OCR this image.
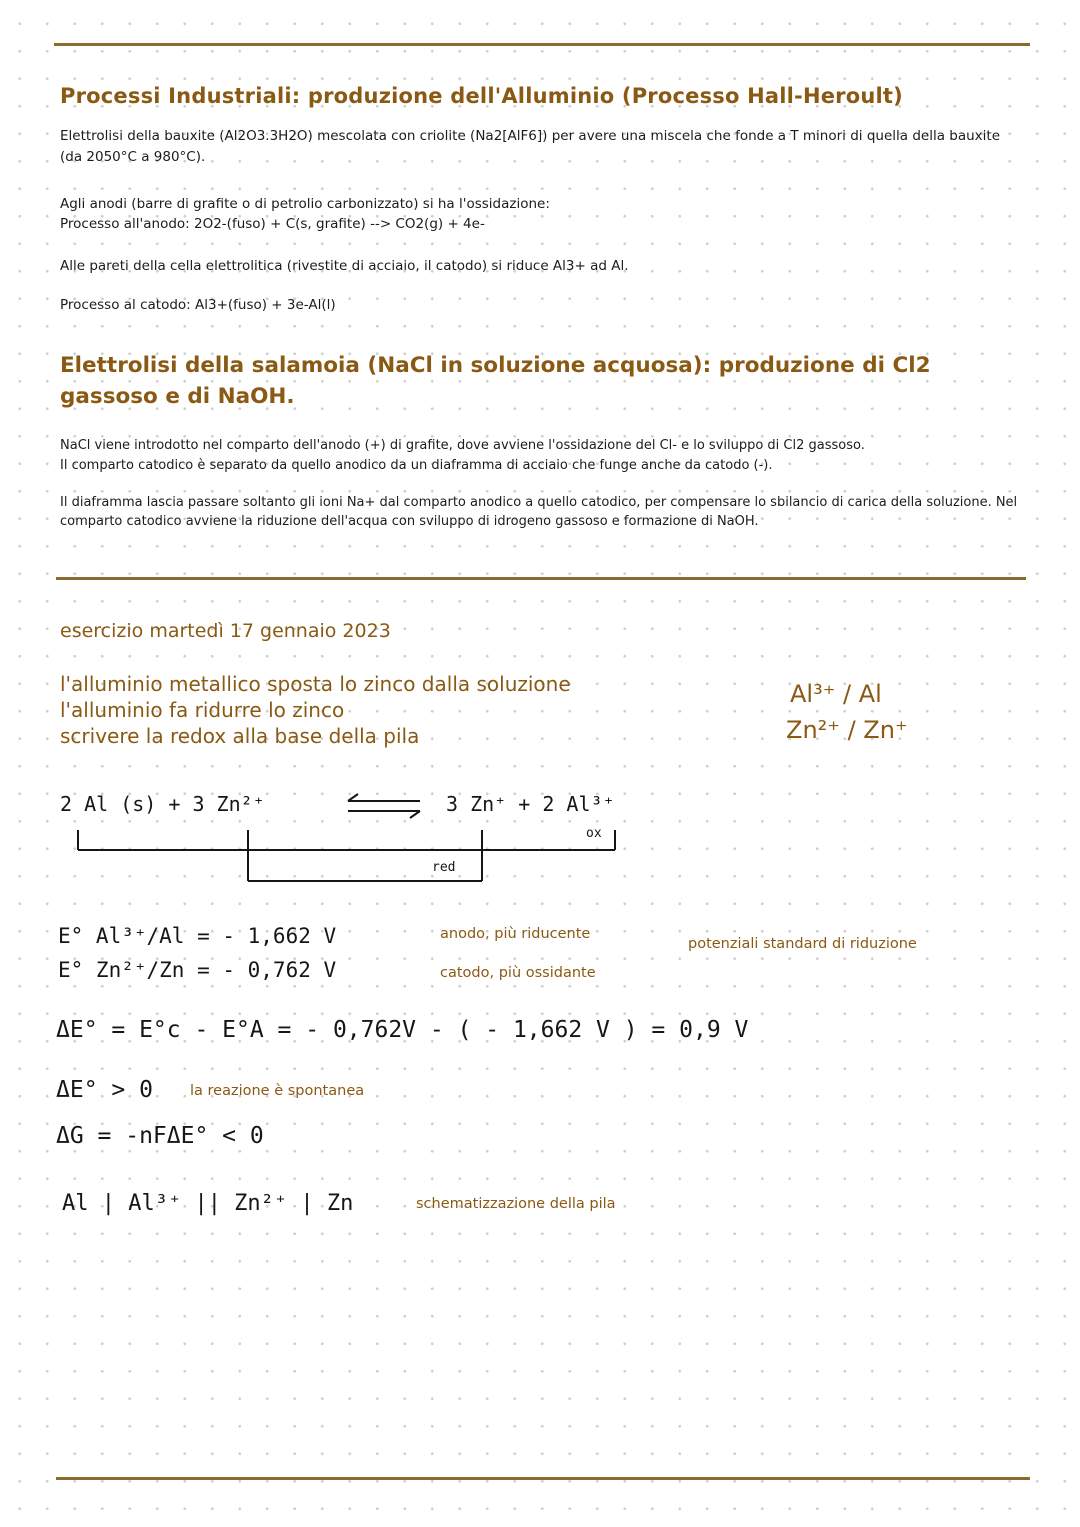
Processi Industriali: produzione dell'Alluminio (Processo Hall-Heroult)
Elettrolisi della bauxite (Al2O3.3H2O) mescolata con criolite (Na2[AlF6]) per avere una miscela che fonde a T minori di quella della bauxite (da 2050°C a 980°C).
Agli anodi (barre di grafite o di petrolio carbonizzato) si ha l'ossidazione:
Processo all'anodo: 2O2-(fuso) + C(s, grafite) --> CO2(g) + 4e-
Alle pareti della cella elettrolitica (rivestite di acciaio, il catodo) si riduce Al3+ ad Al.
Processo al catodo: Al3+(fuso) + 3e-Al(l)
Elettrolisi della salamoia (NaCl in soluzione acquosa): produzione di Cl2
gassoso e di NaOH.
NaCl viene introdotto nel comparto dell'anodo (+) di grafite, dove avviene l'ossidazione del Cl- e lo sviluppo di Cl2 gassoso.
Il comparto catodico è separato da quello anodico da un diaframma di acciaio che funge anche da catodo (-).
Il diaframma lascia passare soltanto gli ioni Na+ dal comparto anodico a quello catodico, per compensare lo sbilancio di carica della soluzione. Nel comparto catodico avviene la riduzione dell'acqua con sviluppo di idrogeno gassoso e formazione di NaOH.
esercizio martedì 17 gennaio 2023
l'alluminio metallico sposta lo zinco dalla soluzione
l'alluminio fa ridurre lo zinco
scrivere la redox alla base della pila
Al³⁺ / Al
Zn²⁺ / Zn⁺
2 Al (s) + 3 Zn²⁺	3 Zn⁺ + 2 Al³⁺
ox
red
E° Al³⁺/Al = - 1,662 V
E° Zn²⁺/Zn = - 0,762 V
anodo, più riducente
catodo, più ossidante
potenziali standard di riduzione
ΔE° = E°c - E°A = - 0,762V - ( - 1,662 V ) = 0,9 V
ΔE° > 0	la reazione è spontanea
ΔG = -nFΔE° < 0
Al | Al³⁺ || Zn²⁺ | Zn	schematizzazione della pila
